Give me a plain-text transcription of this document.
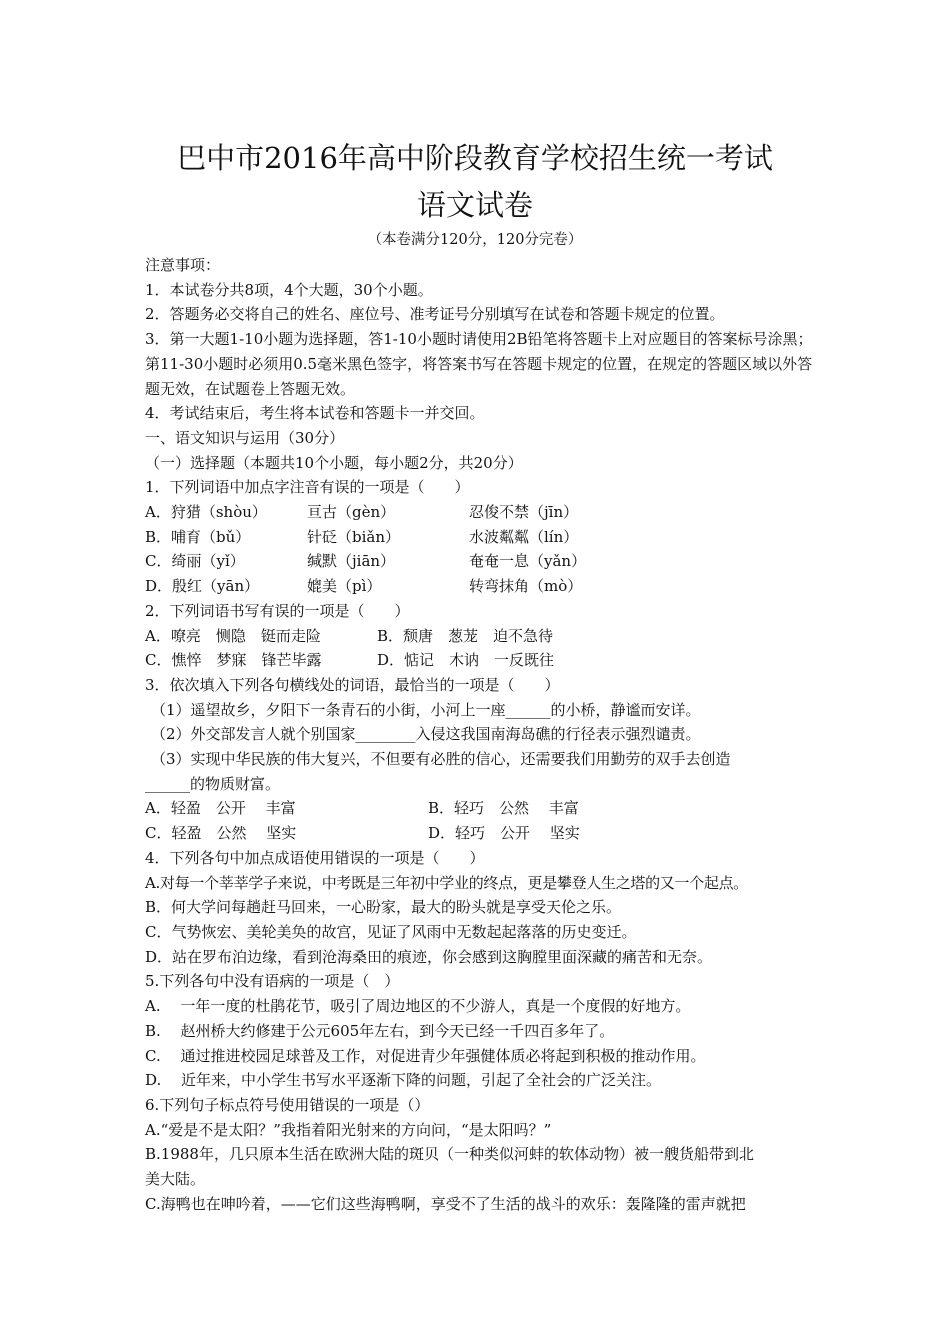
巴中市2016年高中阶段教育学校招生统一考试
语文试卷
（本卷满分120分，120分完卷）

注意事项：

1．本试卷分共8项，4个大题，30个小题。

2．答题务必交将自己的姓名、座位号、准考证号分别填写在试卷和答题卡规定的位置。

3．第一大题1-10小题为选择题，答1-10小题时请使用2B铅笔将答题卡上对应题目的答案标号涂黑；第11-30小题时必须用0.5毫米黑色签字，将答案书写在答题卡规定的位置，在规定的答题区域以外答题无效，在试题卷上答题无效。

4．考试结束后，考生将本试卷和答题卡一并交回。

一、语文知识与运用（30分）

（一）选择题（本题共10个小题，每小题2分，共20分）

1．下列词语中加点字注音有误的一项是（　　）

A．狩猎（shòu）	亘古（gèn）	忍俊不禁（jīn）
B．哺育（bǔ）	针砭（biǎn）	水波粼粼（lín）
C．绮丽（yǐ）	缄默（jiān）	奄奄一息（yǎn）
D．殷红（yān）	媲美（pì）	转弯抹角（mò）

2．下列词语书写有误的一项是（　　）

A．嘹亮　恻隐　铤而走险	B．颓唐　葱茏　迫不急待
C．憔悴　梦寐　锋芒毕露	D．惦记　木讷　一反既往

3．依次填入下列各句横线处的词语，最恰当的一项是（　　）

（1）遥望故乡，夕阳下一条青石的小街，小河上一座______的小桥，静谧而安详。

（2）外交部发言人就个别国家________入侵这我国南海岛礁的行径表示强烈谴责。

（3）实现中华民族的伟大复兴，不但要有必胜的信心，还需要我们用勤劳的双手去创造

______的物质财富。

A．轻盈　公开　 丰富	B．轻巧　公然　 丰富
C．轻盈　公然　 坚实	D．轻巧　公开　 坚实

4．下列各句中加点成语使用错误的一项是（　　）

A.对每一个莘莘学子来说，中考既是三年初中学业的终点，更是攀登人生之塔的又一个起点。

B．何大学问每趟赶马回来，一心盼家，最大的盼头就是享受天伦之乐。

C．气势恢宏、美轮美奂的故宫，见证了风雨中无数起起落落的历史变迁。

D．站在罗布泊边缘，看到沧海桑田的痕迹，你会感到这胸膛里面深藏的痛苦和无奈。

5.下列各句中没有语病的一项是（　）

A.　 一年一度的杜鹃花节，吸引了周边地区的不少游人，真是一个度假的好地方。

B.　 赵州桥大约修建于公元605年左右，到今天已经一千四百多年了。

C.　 通过推进校园足球普及工作，对促进青少年强健体质必将起到积极的推动作用。

D.　 近年来，中小学生书写水平逐渐下降的问题，引起了全社会的广泛关注。

6.下列句子标点符号使用错误的一项是（）

A.“爱是不是太阳？”我指着阳光射来的方向问，“是太阳吗？”

B.1988年，几只原本生活在欧洲大陆的斑贝（一种类似河蚌的软体动物）被一艘货船带到北

美大陆。

C.海鸭也在呻吟着，——它们这些海鸭啊，享受不了生活的战斗的欢乐：轰隆隆的雷声就把
